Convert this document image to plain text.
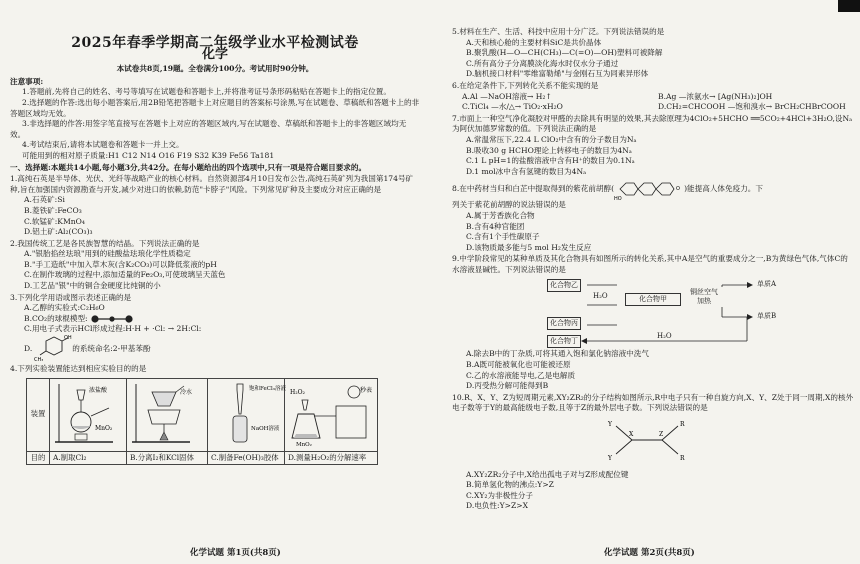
2025年春季学期高二年级学业水平检测试卷
化学
本试卷共8页,19题。全卷满分100分。考试用时90分钟。
注意事项:
1.答题前,先将自己的姓名、考号等填写在试题卷和答题卡上,并将准考证号条形码粘贴在答题卡上的指定位置。
2.选择题的作答:选出每小题答案后,用2B铅笔把答题卡上对应题目的答案标号涂黑,写在试题卷、草稿纸和答题卡上的非答题区域均无效。
3.非选择题的作答:用签字笔直接写在答题卡上对应的答题区域内,写在试题卷、草稿纸和答题卡上的非答题区域均无效。
4.考试结束后,请将本试题卷和答题卡一并上交。
可能用到的相对原子质量:H1 C12 N14 O16 F19 S32 K39 Fe56 Ta181
一、选择题:本题共14小题,每小题3分,共42分。在每小题给出的四个选项中,只有一项是符合题目要求的。
1.高纯石英是半导体、光伏、光纤等战略产业的核心材料。自然资源部4月10日发布公告,高纯石英矿列为我国第174号矿种,旨在加强国内资源勘查与开发,减少对进口的依赖,防范"卡脖子"风险。下列常见矿种及主要成分对应正确的是
A.石英矿:Si
B.菱铁矿:FeCO₃
C.软锰矿:KMnO₄
D.铝土矿:Al₂(CO₃)₃
2.我国传统工艺是各民族智慧的结晶。下列说法正确的是
A."银胎掐丝珐琅"用到的硅酸盐珐琅化学性质稳定
B."手工造纸"中加入草木灰(含K₂CO₃)可以降低浆液的pH
C.在制作玻璃的过程中,添加适量的Fe₂O₃,可使玻璃呈天蓝色
D.工艺品"银"中的铜合金硬度比纯铜的小
3.下列化学用语或图示表述正确的是
A.乙醇的实验式:C₂H₆O
B.CO₂的球棍模型:
C.用电子式表示HCl形成过程:H·H + ·Cl: → 2H:Cl:
D.
OH
CH₃
的系统命名:2-甲基苯酚
4.下列实验装置能达到相应实验目的的是
装置	浓盐酸
MnO₂	冷水	饱和FeCl₃溶液
NaOH溶液	H₂O₂ 秒表
MnO₂

目的	A.制取Cl₂	B.分离I₂和KCl固体	C.制备Fe(OH)₃胶体	D.测量H₂O₂的分解速率
化学试题 第1页(共8页)
5.材料在生产、生活、科技中应用十分广泛。下列说法错误的是
A.天和核心舱的主要材料SiC是共价晶体
B.聚乳酸(H—O—CH(CH₃)—C(=O)—OH)塑料可被降解
C.所有高分子分离膜淡化海水时仅水分子通过
D.脑机接口材料"零维富勒烯"与金刚石互为同素异形体
6.在给定条件下,下列转化关系不能实现的是
A.Al —NaOH溶液→ H₂↑	B.Ag —浓氨水→ [Ag(NH₃)₂]OH
C.TiCl₄ —水/△→ TiO₂·xH₂O	D.CH₂=CHCOOH —饱和溴水→ BrCH₂CHBrCOOH
7.市面上一种空气净化凝胶对甲醛的去除具有明显的效果,其去除原理为4ClO₂+5HCHO ══5CO₂+4HCl+3H₂O,设Nₐ为阿伏加德罗常数的值。下列说法正确的是
A.常温常压下,22.4 L ClO₂中含有的分子数目为Nₐ
B.吸收30 g HCHO理论上转移电子的数目为4Nₐ
C.1 L pH=1的盐酸溶液中含有H⁺的数目为0.1Nₐ
D.1 mol冰中含有氢键的数目为4Nₐ
8.在中药材当归和白芷中提取得到的紫花前胡醇(	O
HO
)能提高人体免疫力。下
列关于紫花前胡醇的说法错误的是
A.属于芳香族化合物
B.含有4种官能团
C.含有1个手性碳原子
D.该物质最多能与5 mol H₂发生反应
9.中学阶段常见的某种单质及其化合物具有如图所示的转化关系,其中A是空气的重要成分之一,B为黄绿色气体,气体C的水溶液显碱性。下列说法错误的是
化合物乙
化合物甲
化合物丙
化合物丁
铜丝空气加热
单质A
单质B
H₂O
H₂O
A.除去B中的丁杂质,可将其通入饱和氯化钠溶液中洗气
B.A既可能被氧化也可能被还原
C.乙的水溶液能导电,乙是电解质
D.丙受热分解可能得到B
10.R、X、Y、Z为短周期元素,XY₂ZR₂的分子结构如图所示,R中电子只有一种自旋方向,X、Y、Z处于同一周期,X的核外电子数等于Y的最高能级电子数,且等于Z的最外层电子数。下列说法错误的是
X	Z
Y
Y
R
R
A.XY₂ZR₂分子中,X给出孤电子对与Z形成配位键
B.简单氢化物的沸点:Y>Z
C.XY₂为非极性分子
D.电负性:Y>Z>X
化学试题 第2页(共8页)
